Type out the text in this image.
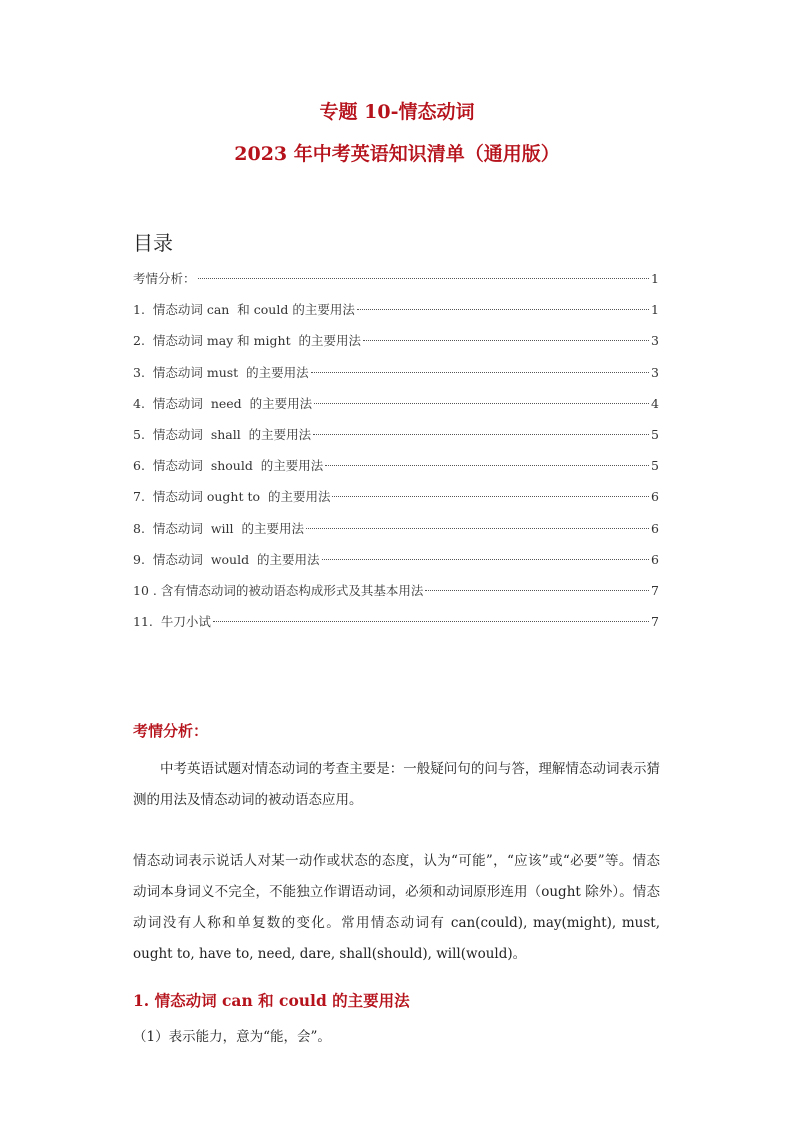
专题 10-情态动词
2023 年中考英语知识清单（通用版）
目录
考情分析：	1
1.  情态动词 can  和 could 的主要用法	1
2.  情态动词 may 和 might  的主要用法	3
3.  情态动词 must  的主要用法	3
4.  情态动词  need  的主要用法	4
5.  情态动词  shall  的主要用法	5
6.  情态动词  should  的主要用法	5
7.  情态动词 ought to  的主要用法	6
8.  情态动词  will  的主要用法	6
9.  情态动词  would  的主要用法	6
10 . 含有情态动词的被动语态构成形式及其基本用法	7
11.  牛刀小试	7
考情分析：

中考英语试题对情态动词的考查主要是：一般疑问句的问与答，理解情态动词表示猜测的用法及情态动词的被动语态应用。

情态动词表示说话人对某一动作或状态的态度，认为“可能”，“应该”或“必要”等。情态动词本身词义不完全，不能独立作谓语动词，必须和动词原形连用（ought 除外）。情态动词没有人称和单复数的变化。常用情态动词有 can(could), may(might), must, ought to, have to, need, dare, shall(should), will(would)。

1. 情态动词 can 和 could 的主要用法

（1）表示能力，意为“能，会”。
